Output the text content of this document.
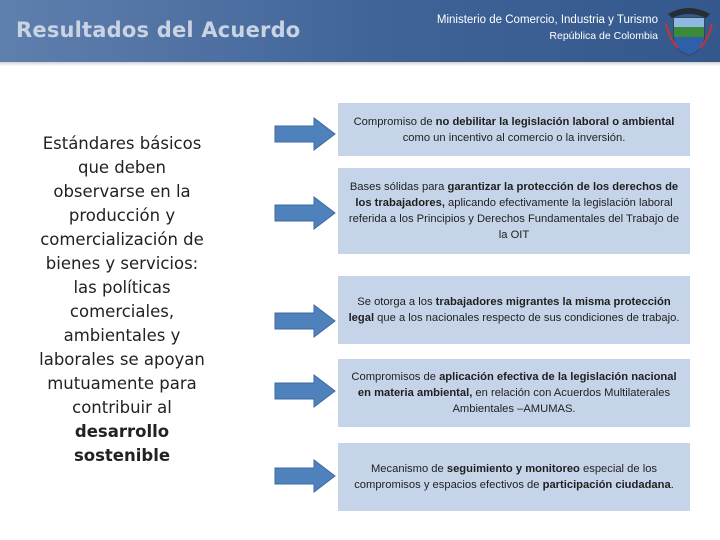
Resultados del Acuerdo	Ministerio de Comercio, Industria y Turismo
República de Colombia
Estándares básicos que deben observarse en la producción y comercialización de bienes y servicios: las políticas comerciales, ambientales y laborales se apoyan mutuamente para contribuir al desarrollo sostenible
Compromiso de no debilitar la legislación laboral o ambiental como un incentivo al comercio o la inversión.
Bases sólidas para garantizar la protección de los derechos de los trabajadores, aplicando efectivamente la legislación laboral referida a los Principios y Derechos Fundamentales del Trabajo de la OIT
Se otorga a los trabajadores migrantes la misma protección legal que a los nacionales respecto de sus condiciones de trabajo.
Compromisos de aplicación efectiva de la legislación nacional en materia ambiental, en relación con Acuerdos Multilaterales Ambientales –AMUMAS.
Mecanismo de seguimiento y monitoreo especial de los compromisos y espacios efectivos de participación ciudadana.
